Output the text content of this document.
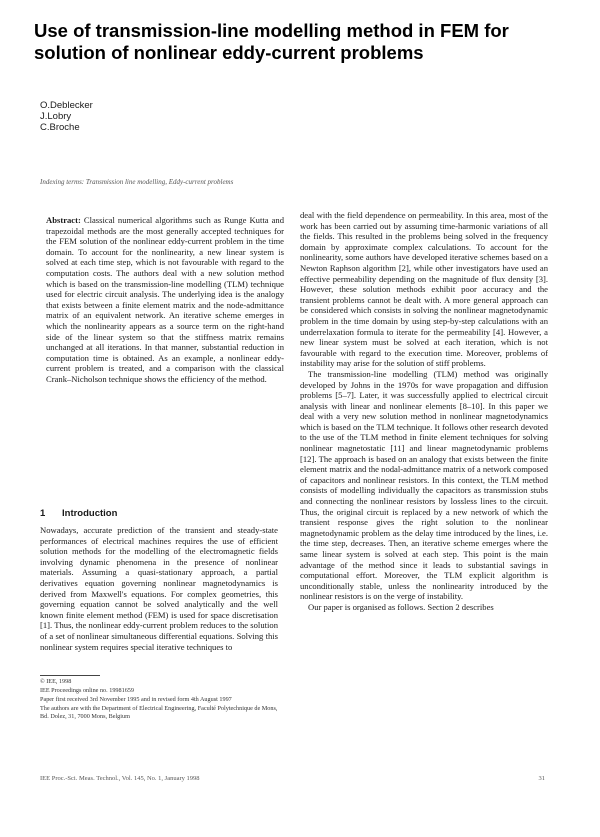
Use of transmission-line modelling method in FEM for solution of nonlinear eddy-current problems
O.Deblecker
J.Lobry
C.Broche
Indexing terms: Transmission line modelling, Eddy-current problems
Abstract: Classical numerical algorithms such as Runge Kutta and trapezoidal methods are the most generally accepted techniques for the FEM solution of the nonlinear eddy-current problem in the time domain. To account for the nonlinearity, a new linear system is solved at each time step, which is not favourable with regard to the computation costs. The authors deal with a new solution method which is based on the transmission-line modelling (TLM) technique used for electric circuit analysis. The underlying idea is the analogy that exists between a finite element matrix and the node-admittance matrix of an equivalent network. An iterative scheme emerges in which the nonlinearity appears as a source term on the right-hand side of the linear system so that the stiffness matrix remains unchanged at all iterations. In that manner, substantial reduction in computation time is obtained. As an example, a nonlinear eddy-current problem is treated, and a comparison with the classical Crank–Nicholson technique shows the efficiency of the method.
1 Introduction

Nowadays, accurate prediction of the transient and steady-state performances of electrical machines requires the use of efficient solution methods for the modelling of the electromagnetic fields involving dynamic phenomena in the presence of nonlinear materials. Assuming a quasi-stationary approach, a partial derivatives equation governing nonlinear magnetodynamics is derived from Maxwell's equations. For complex geometries, this governing equation cannot be solved analytically and the well known finite element method (FEM) is used for space discretisation [1]. Thus, the nonlinear eddy-current problem reduces to the solution of a set of nonlinear simultaneous differential equations. Solving this nonlinear system requires special iterative techniques to

© IEE, 1998
IEE Proceedings online no. 19981659
Paper first received 3rd November 1995 and in revised form 4th August 1997
The authors are with the Department of Electrical Engineering, Faculté Polytechnique de Mons, Bd. Dolez, 31, 7000 Mons, Belgium

deal with the field dependence on permeability. In this area, most of the work has been carried out by assuming time-harmonic variations of all the fields. This resulted in the problems being solved in the frequency domain by approximate complex calculations. To account for the nonlinearity, some authors have developed iterative schemes based on a Newton Raphson algorithm [2], while other investigators have used an effective permeability depending on the magnitude of flux density [3]. However, these solution methods exhibit poor accuracy and the transient problems cannot be dealt with. A more general approach can be considered which consists in solving the nonlinear magnetodynamic problem in the time domain by using step-by-step calculations with an underrelaxation formula to iterate for the permeability [4]. However, a new linear system must be solved at each iteration, which is not favourable with regard to the execution time. Moreover, problems of instability may arise for the solution of stiff problems.

The transmission-line modelling (TLM) method was originally developed by Johns in the 1970s for wave propagation and diffusion problems [5–7]. Later, it was successfully applied to electrical circuit analysis with linear and nonlinear elements [8–10]. In this paper we deal with a very new solution method in nonlinear magnetodynamics which is based on the TLM technique. It follows other research devoted to the use of the TLM method in finite element techniques for solving nonlinear magnetostatic [11] and linear magnetodynamic problems [12]. The approach is based on an analogy that exists between the finite element matrix and the nodal-admittance matrix of a network composed of capacitors and nonlinear resistors. In this context, the TLM method consists of modelling individually the capacitors as transmission stubs and connecting the nonlinear resistors by lossless lines to the circuit. Thus, the original circuit is replaced by a new network of which the transient response gives the right solution to the nonlinear magnetodynamic problem as the delay time introduced by the lines, i.e. the time step, decreases. Then, an iterative scheme emerges where the same linear system is solved at each step. This point is the main advantage of the method since it leads to substantial savings in computational effort. Moreover, the TLM explicit algorithm is unconditionally stable, unless the nonlinearity introduced by the nonlinear resistors is on the verge of instability.

Our paper is organised as follows. Section 2 describes

IEE Proc.-Sci. Meas. Technol., Vol. 145, No. 1, January 1998	31
